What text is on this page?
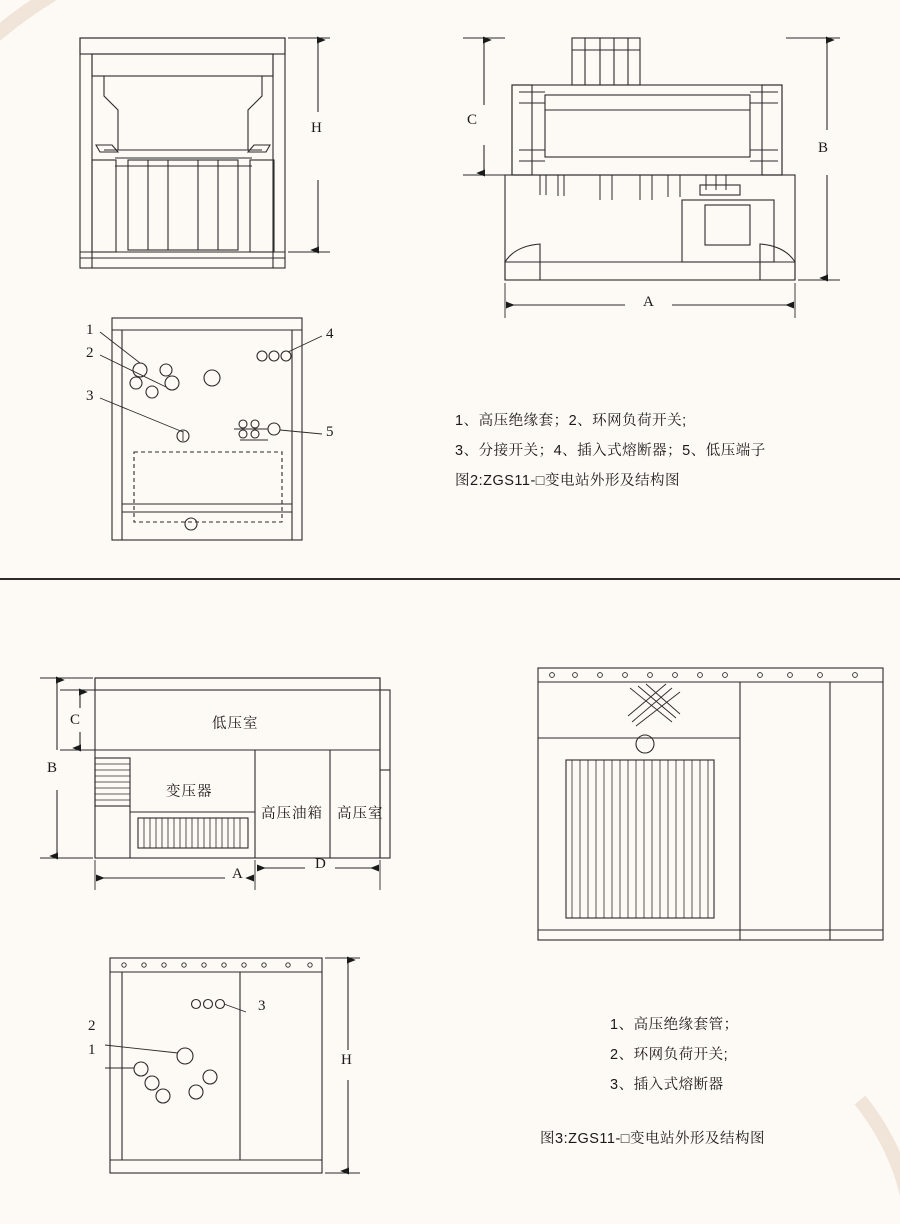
H	C
B
A
1
2
3
4
5
1、高压绝缘套；2、环网负荷开关;
3、分接开关；4、插入式熔断器；5、低压端子
图2:ZGS11-□变电站外形及结构图
低压室
变压器
高压油箱 高压室
C
B
A
D
H
3
2
1
1、高压绝缘套管；
2、环网负荷开关;
3、插入式熔断器
图3:ZGS11-□变电站外形及结构图
